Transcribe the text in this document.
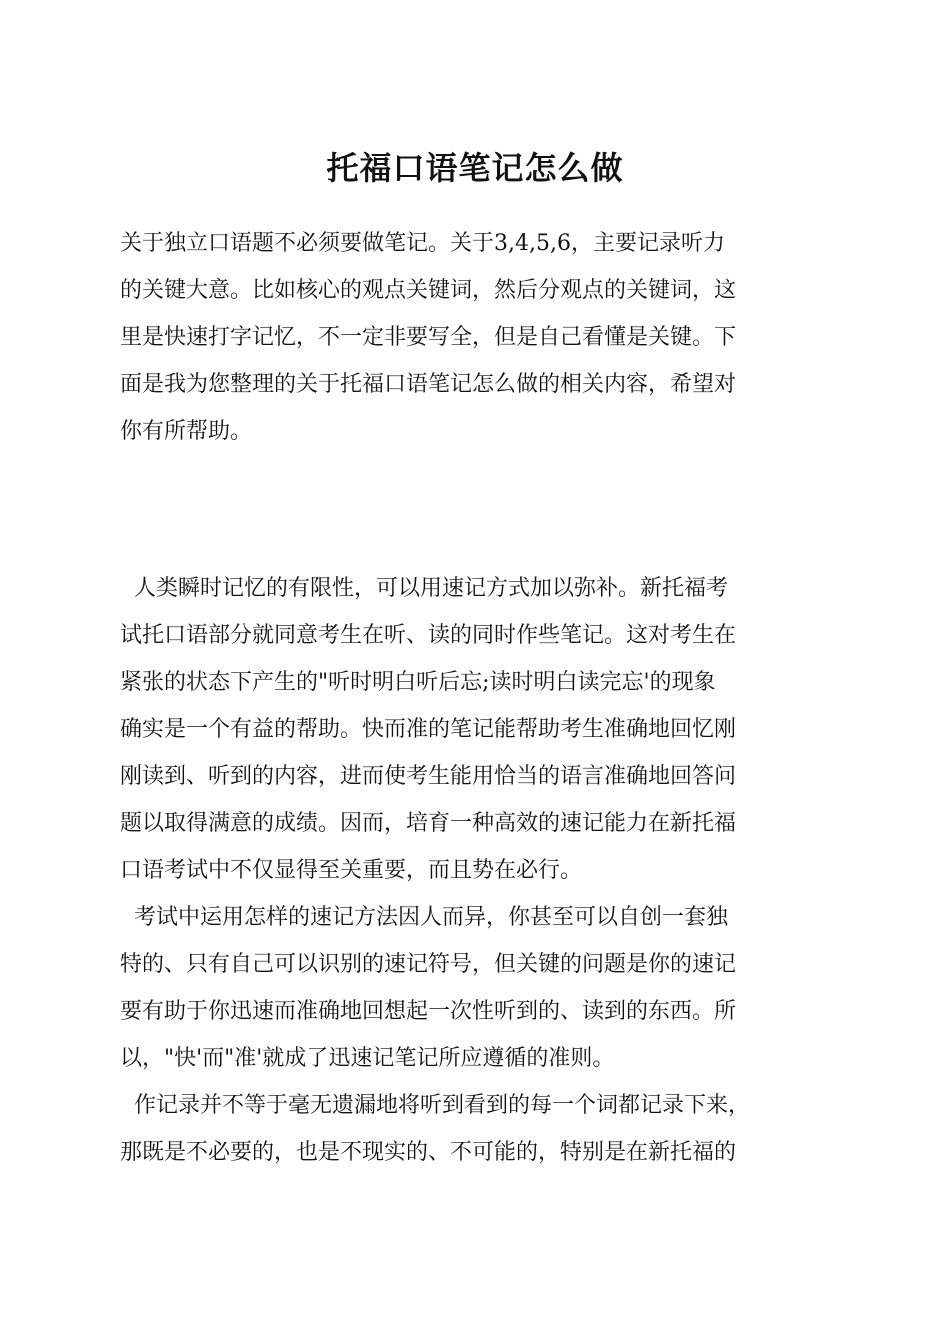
托福口语笔记怎么做
关于独立口语题不必须要做笔记。关于3,4,5,6，主要记录听力
的关键大意。比如核心的观点关键词，然后分观点的关键词，这
里是快速打字记忆，不一定非要写全，但是自己看懂是关键。下
面是我为您整理的关于托福口语笔记怎么做的相关内容，希望对
你有所帮助。
人类瞬时记忆的有限性，可以用速记方式加以弥补。新托福考
试托口语部分就同意考生在听、读的同时作些笔记。这对考生在
紧张的状态下产生的"听时明白听后忘;读时明白读完忘'的现象
确实是一个有益的帮助。快而准的笔记能帮助考生准确地回忆刚
刚读到、听到的内容，进而使考生能用恰当的语言准确地回答问
题以取得满意的成绩。因而，培育一种高效的速记能力在新托福
口语考试中不仅显得至关重要，而且势在必行。
考试中运用怎样的速记方法因人而异，你甚至可以自创一套独
特的、只有自己可以识别的速记符号，但关键的问题是你的速记
要有助于你迅速而准确地回想起一次性听到的、读到的东西。所
以，"快'而"准'就成了迅速记笔记所应遵循的准则。
作记录并不等于毫无遗漏地将听到看到的每一个词都记录下来，
那既是不必要的，也是不现实的、不可能的，特别是在新托福的
